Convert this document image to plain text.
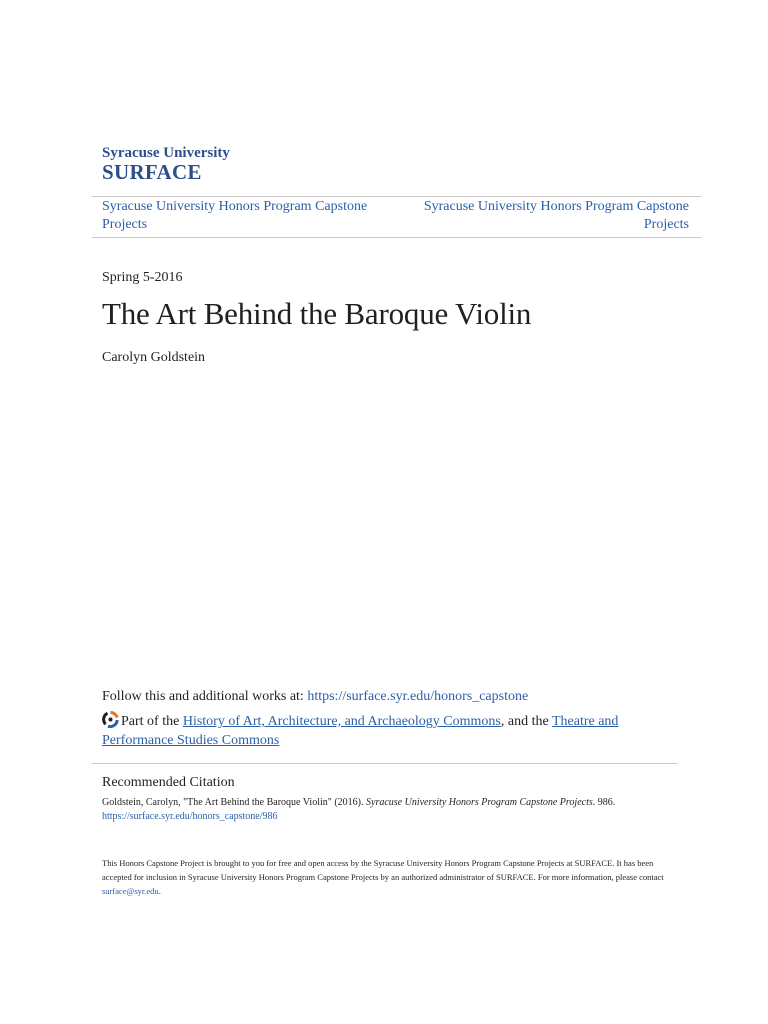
Syracuse University
SURFACE
Syracuse University Honors Program Capstone Projects
Syracuse University Honors Program Capstone Projects
Spring 5-2016
The Art Behind the Baroque Violin
Carolyn Goldstein
Follow this and additional works at: https://surface.syr.edu/honors_capstone
Part of the History of Art, Architecture, and Archaeology Commons, and the Theatre and Performance Studies Commons
Recommended Citation
Goldstein, Carolyn, "The Art Behind the Baroque Violin" (2016). Syracuse University Honors Program Capstone Projects. 986.
https://surface.syr.edu/honors_capstone/986
This Honors Capstone Project is brought to you for free and open access by the Syracuse University Honors Program Capstone Projects at SURFACE. It has been accepted for inclusion in Syracuse University Honors Program Capstone Projects by an authorized administrator of SURFACE. For more information, please contact surface@syr.edu.
